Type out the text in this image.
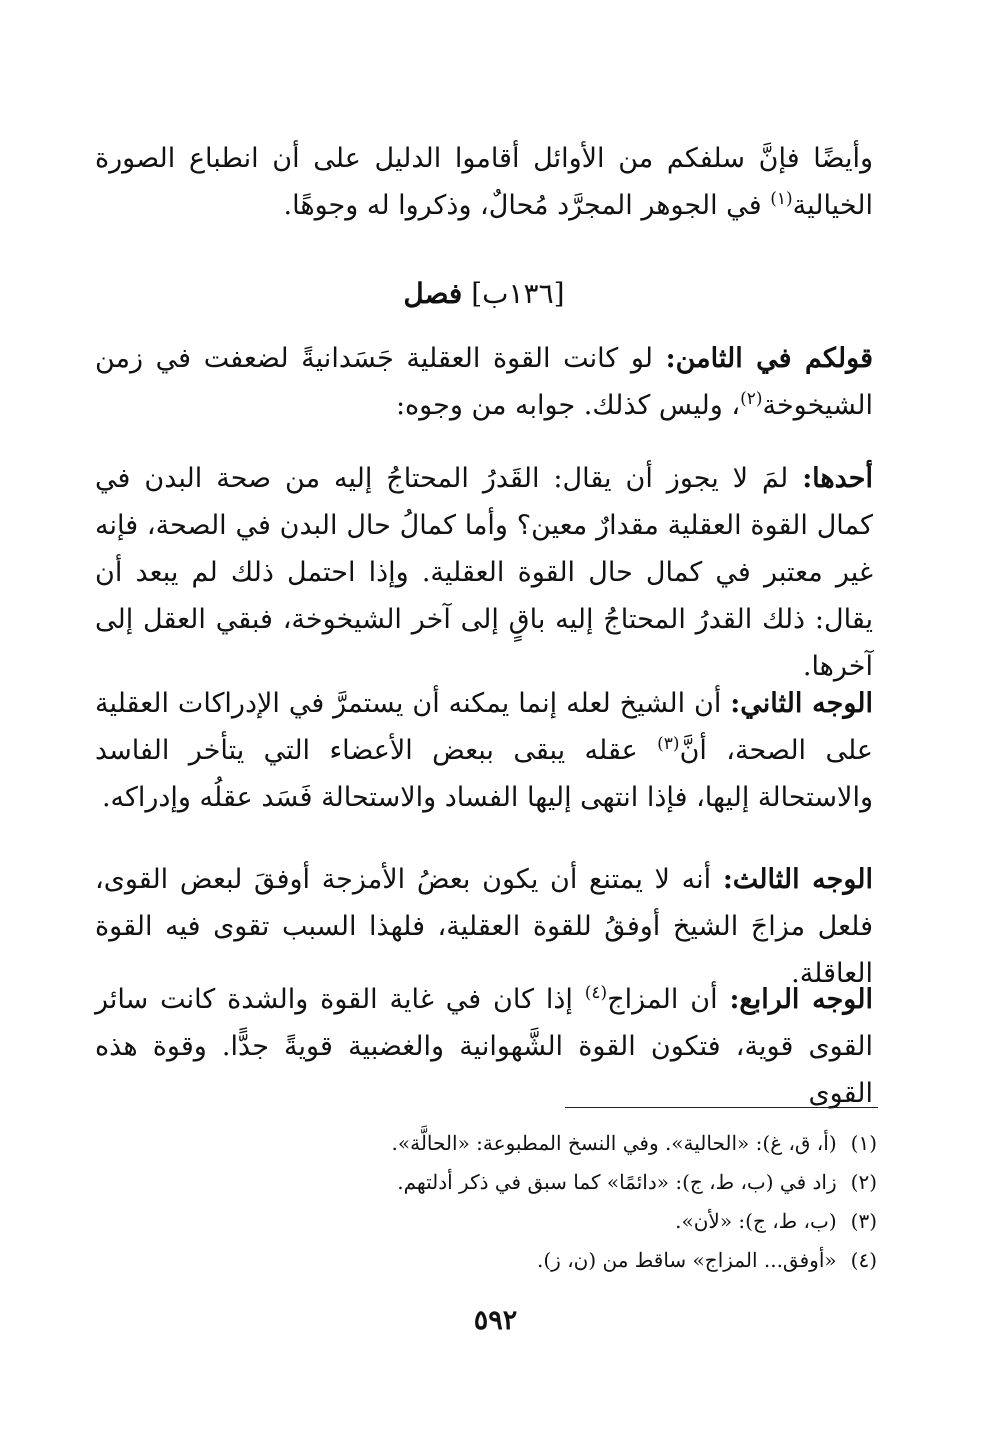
وأيضًا فإنَّ سلفكم من الأوائل أقاموا الدليل على أن انطباع الصورة الخيالية$^{(١)}$ في الجوهر المجرَّد مُحالٌ، وذكروا له وجوهًا.

[١٣٦ب] فصل

قولكم في الثامن: لو كانت القوة العقلية جَسَدانيةً لضعفت في زمن الشيخوخة$^{(٢)}$، وليس كذلك. جوابه من وجوه:

أحدها: لمَ لا يجوز أن يقال: القَدرُ المحتاجُ إليه من صحة البدن في كمال القوة العقلية مقدارٌ معين؟ وأما كمالُ حال البدن في الصحة، فإنه غير معتبر في كمال حال القوة العقلية. وإذا احتمل ذلك لم يبعد أن يقال: ذلك القدرُ المحتاجُ إليه باقٍ إلى آخر الشيخوخة، فبقي العقل إلى آخرها.

الوجه الثاني: أن الشيخ لعله إنما يمكنه أن يستمرَّ في الإدراكات العقلية على الصحة، أنَّ$^{(٣)}$ عقله يبقى ببعض الأعضاء التي يتأخر الفاسد والاستحالة إليها، فإذا انتهى إليها الفساد والاستحالة فَسَد عقلُه وإدراكه.

الوجه الثالث: أنه لا يمتنع أن يكون بعضُ الأمزجة أوفقَ لبعض القوى، فلعل مزاجَ الشيخ أوفقُ للقوة العقلية، فلهذا السبب تقوى فيه القوة العاقلة.

الوجه الرابع: أن المزاج$^{(٤)}$ إذا كان في غاية القوة والشدة كانت سائر القوى قوية، فتكون القوة الشَّهوانية والغضبية قويةً جدًّا. وقوة هذه القوى

(١)(أ، ق، غ): «الحالية». وفي النسخ المطبوعة: «الحالَّة».

(٢)زاد في (ب، ط، ج): «دائمًا» كما سبق في ذكر أدلتهم.

(٣)(ب، ط، ج): «لأن».

(٤)«أوفق... المزاج» ساقط من (ن، ز).

٥٩٢
